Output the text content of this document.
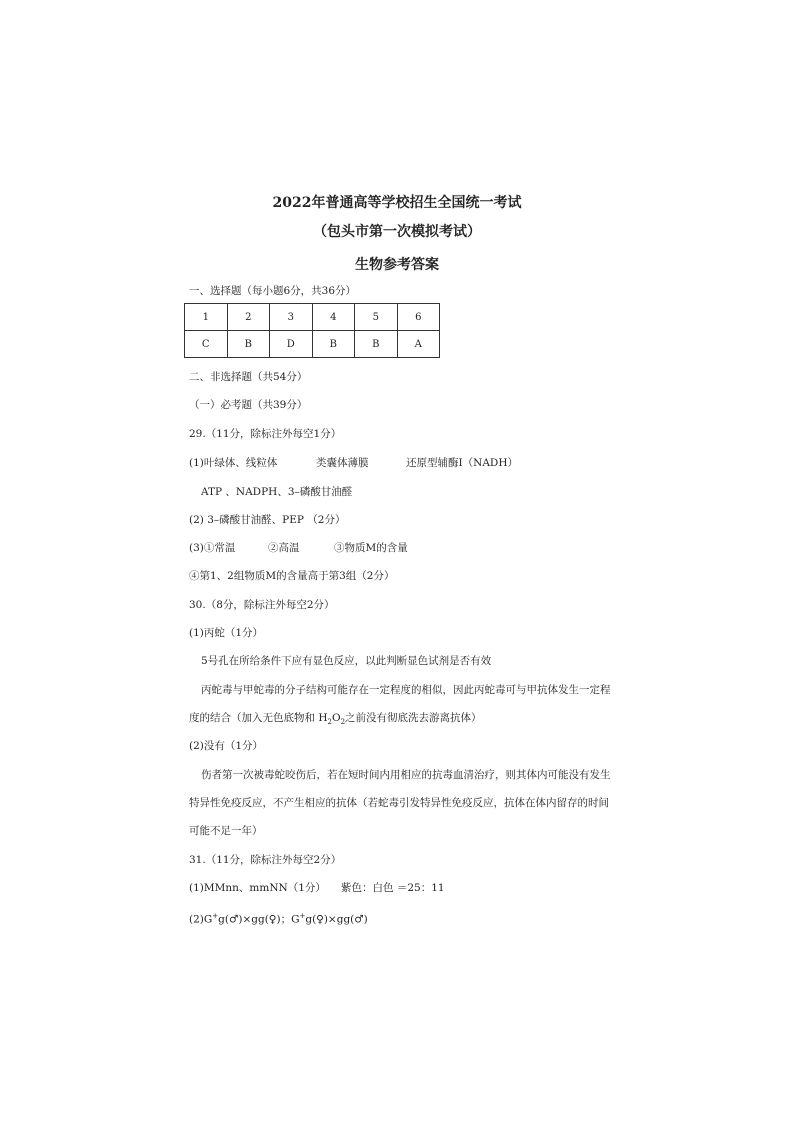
2022年普通高等学校招生全国统一考试
（包头市第一次模拟考试）
生物参考答案
一、选择题（每小题6分，共36分）
1	2	3	4	5	6
C	B	D	B	B	A
二、非选择题（共54分）
（一）必考题（共39分）
29.（11分，除标注外每空1分）
(1)叶绿体、线粒体	类囊体薄膜	还原型辅酶Ⅰ（NADH）
ATP 、NADPH、3–磷酸甘油醛
(2) 3–磷酸甘油醛、PEP （2分）
(3)①常温	②高温	③物质M的含量
④第1、2组物质M的含量高于第3组（2分）
30.（8分，除标注外每空2分）
(1)丙蛇（1分）
5号孔在所给条件下应有显色反应，以此判断显色试剂是否有效
丙蛇毒与甲蛇毒的分子结构可能存在一定程度的相似，因此丙蛇毒可与甲抗体发生一定程
度的结合（加入无色底物和 $H_2O_2$之前没有彻底洗去游离抗体）
(2)没有（1分）
伤者第一次被毒蛇咬伤后，若在短时间内用相应的抗毒血清治疗，则其体内可能没有发生
特异性免疫反应，不产生相应的抗体（若蛇毒引发特异性免疫反应，抗体在体内留存的时间
可能不足一年）
31.（11分，除标注外每空2分）
(1)MMnn、mmNN（1分） 紫色：白色 ＝25：11
(2)G+g(♂)×gg(♀)；G+g(♀)×gg(♂)
